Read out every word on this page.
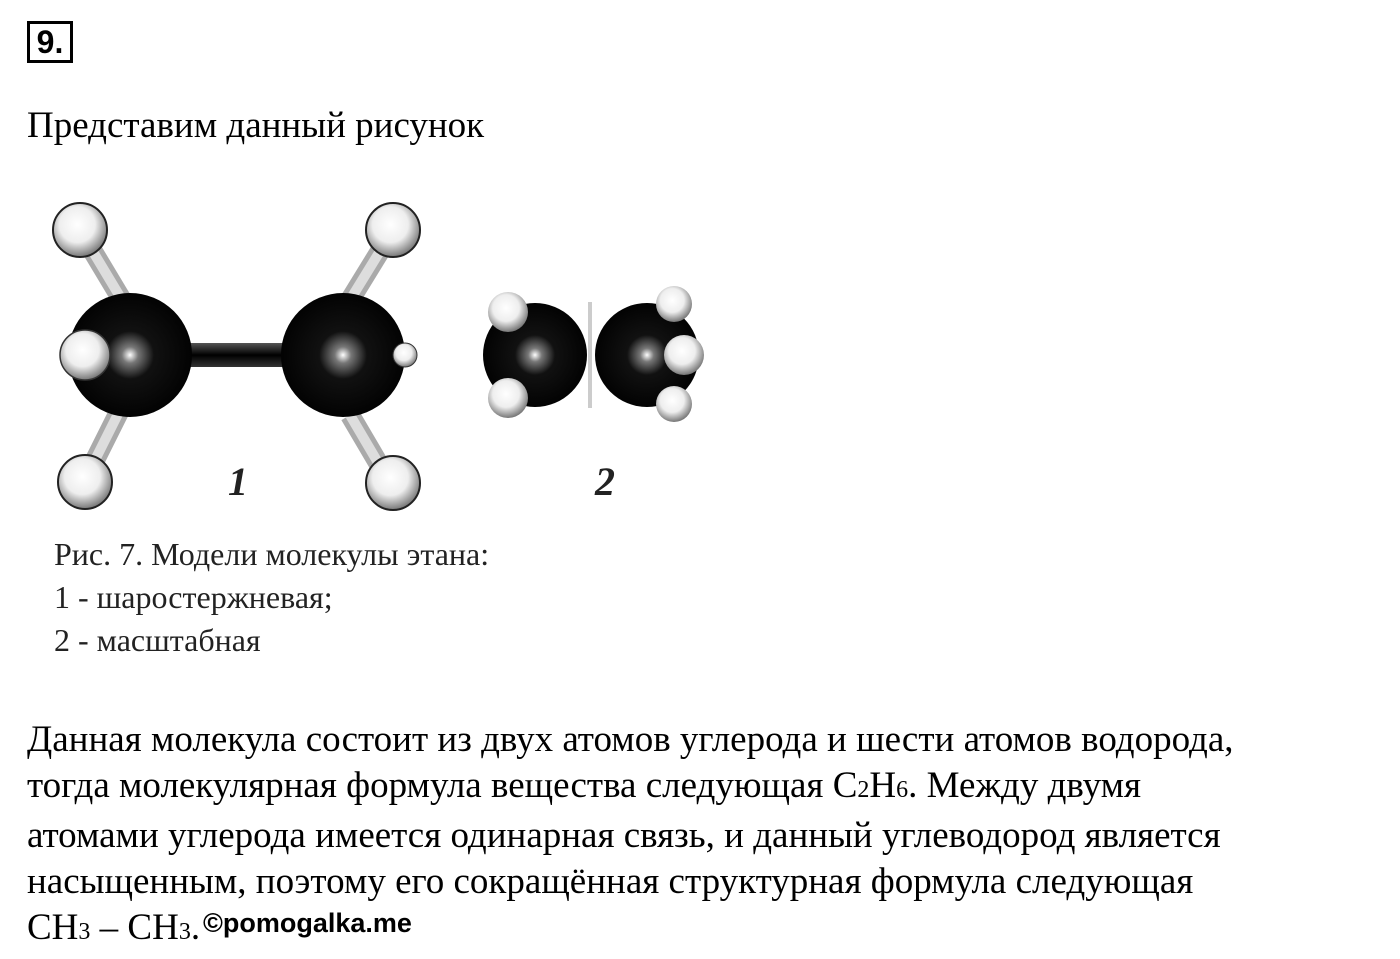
9.
Представим данный рисунок
1	2
Рис. 7. Модели молекулы этана:
1 - шаростержневая;
2 - масштабная
Данная молекула состоит из двух атомов углерода и шести атомов водорода,
тогда молекулярная формула вещества следующая C2H6. Между двумя
атомами углерода имеется одинарная связь, и данный углеводород является
насыщенным, поэтому его сокращённая структурная формула следующая
CH3 – CH3. ©pomogalka.me
